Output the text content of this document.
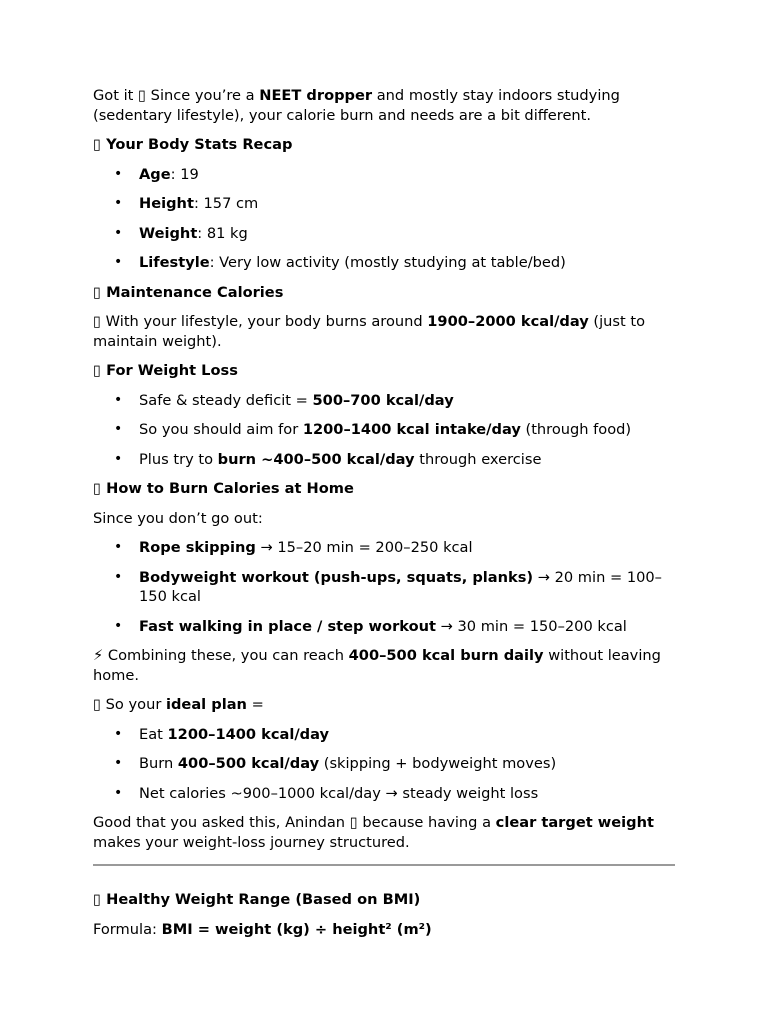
Got it ▯ Since you’re a NEET dropper and mostly stay indoors studying (sedentary lifestyle), your calorie burn and needs are a bit different.

▯ Your Body Stats Recap

• Age: 19
• Height: 157 cm
• Weight: 81 kg
• Lifestyle: Very low activity (mostly studying at table/bed)

▯ Maintenance Calories

▯ With your lifestyle, your body burns around 1900–2000 kcal/day (just to maintain weight).

▯ For Weight Loss

• Safe & steady deficit = 500–700 kcal/day
• So you should aim for 1200–1400 kcal intake/day (through food)
• Plus try to burn ~400–500 kcal/day through exercise

▯ How to Burn Calories at Home

Since you don’t go out:

• Rope skipping → 15–20 min = 200–250 kcal
• Bodyweight workout (push-ups, squats, planks) → 20 min = 100–150 kcal
• Fast walking in place / step workout → 30 min = 150–200 kcal

⚡ Combining these, you can reach 400–500 kcal burn daily without leaving home.

▯ So your ideal plan =

• Eat 1200–1400 kcal/day
• Burn 400–500 kcal/day (skipping + bodyweight moves)
• Net calories ~900–1000 kcal/day → steady weight loss

Good that you asked this, Anindan ▯ because having a clear target weight makes your weight-loss journey structured.

▯ Healthy Weight Range (Based on BMI)

Formula: BMI = weight (kg) ÷ height² (m²)
